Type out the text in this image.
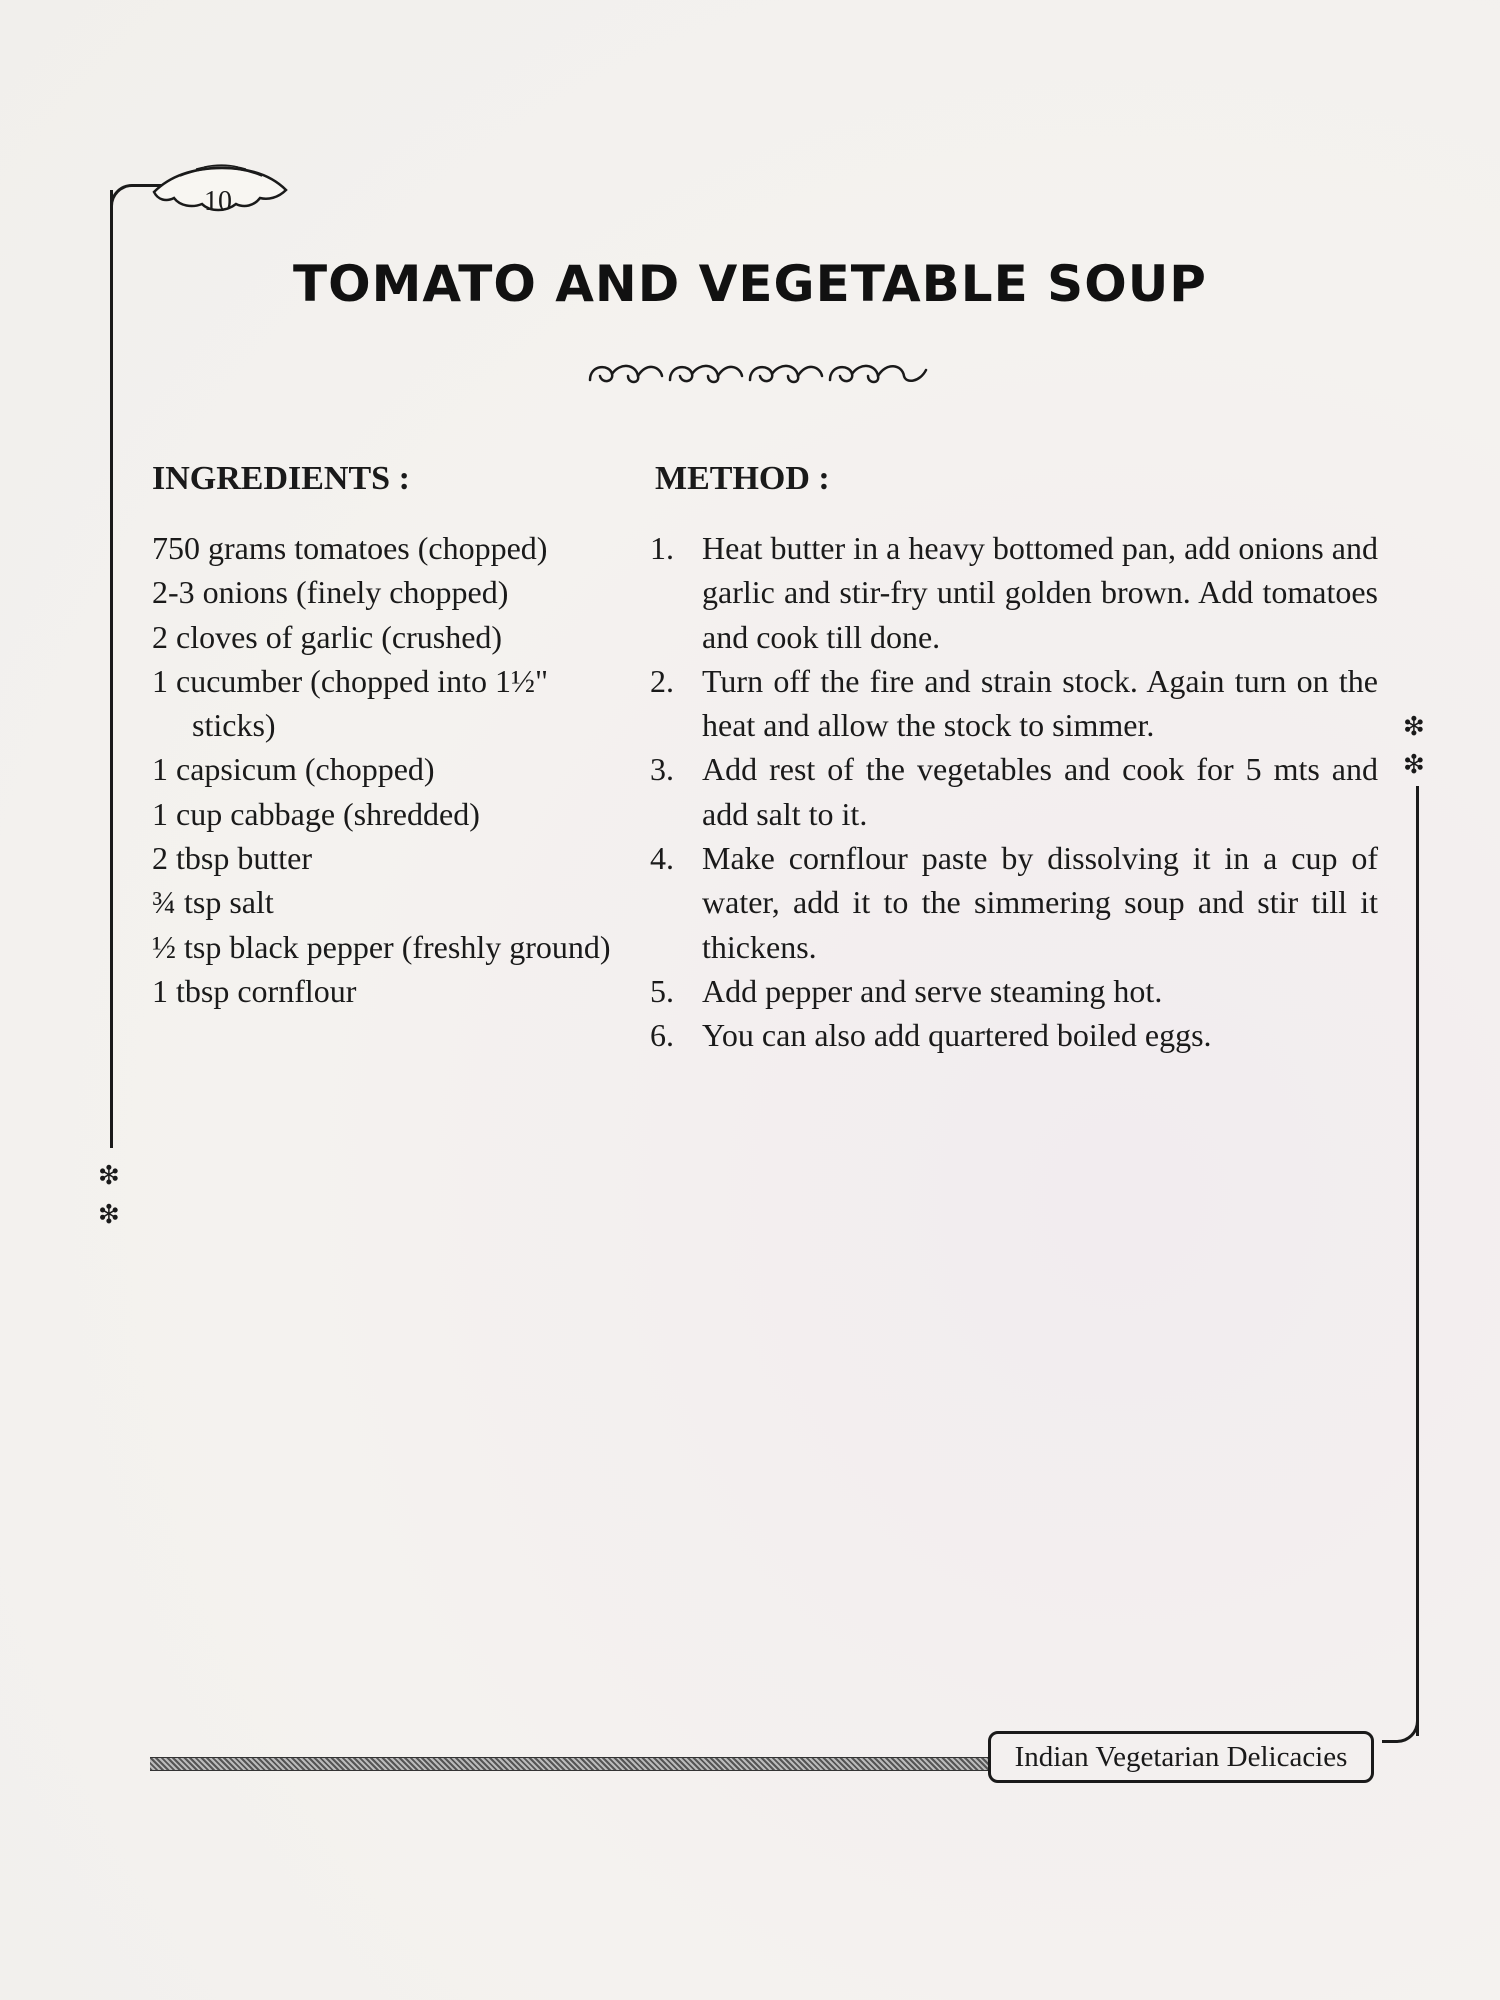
10
❇
❇
❇
❇
TOMATO AND VEGETABLE SOUP
INGREDIENTS :	METHOD :
750 grams tomatoes (chopped)
2-3 onions (finely chopped)
2 cloves of garlic (crushed)
1 cucumber (chopped into 1½" sticks)
1 capsicum (chopped)
1 cup cabbage (shredded)
2 tbsp butter
¾ tsp salt
½ tsp black pepper (freshly ground)
1 tbsp cornflour
1. Heat butter in a heavy bottomed pan, add onions and garlic and stir-fry until golden brown. Add tomatoes and cook till done.
2. Turn off the fire and strain stock. Again turn on the heat and allow the stock to simmer.
3. Add rest of the vegetables and cook for 5 mts and add salt to it.
4. Make cornflour paste by dissolving it in a cup of water, add it to the simmering soup and stir till it thickens.
5. Add pepper and serve steaming hot.
6. You can also add quartered boiled eggs.
Indian Vegetarian Delicacies
